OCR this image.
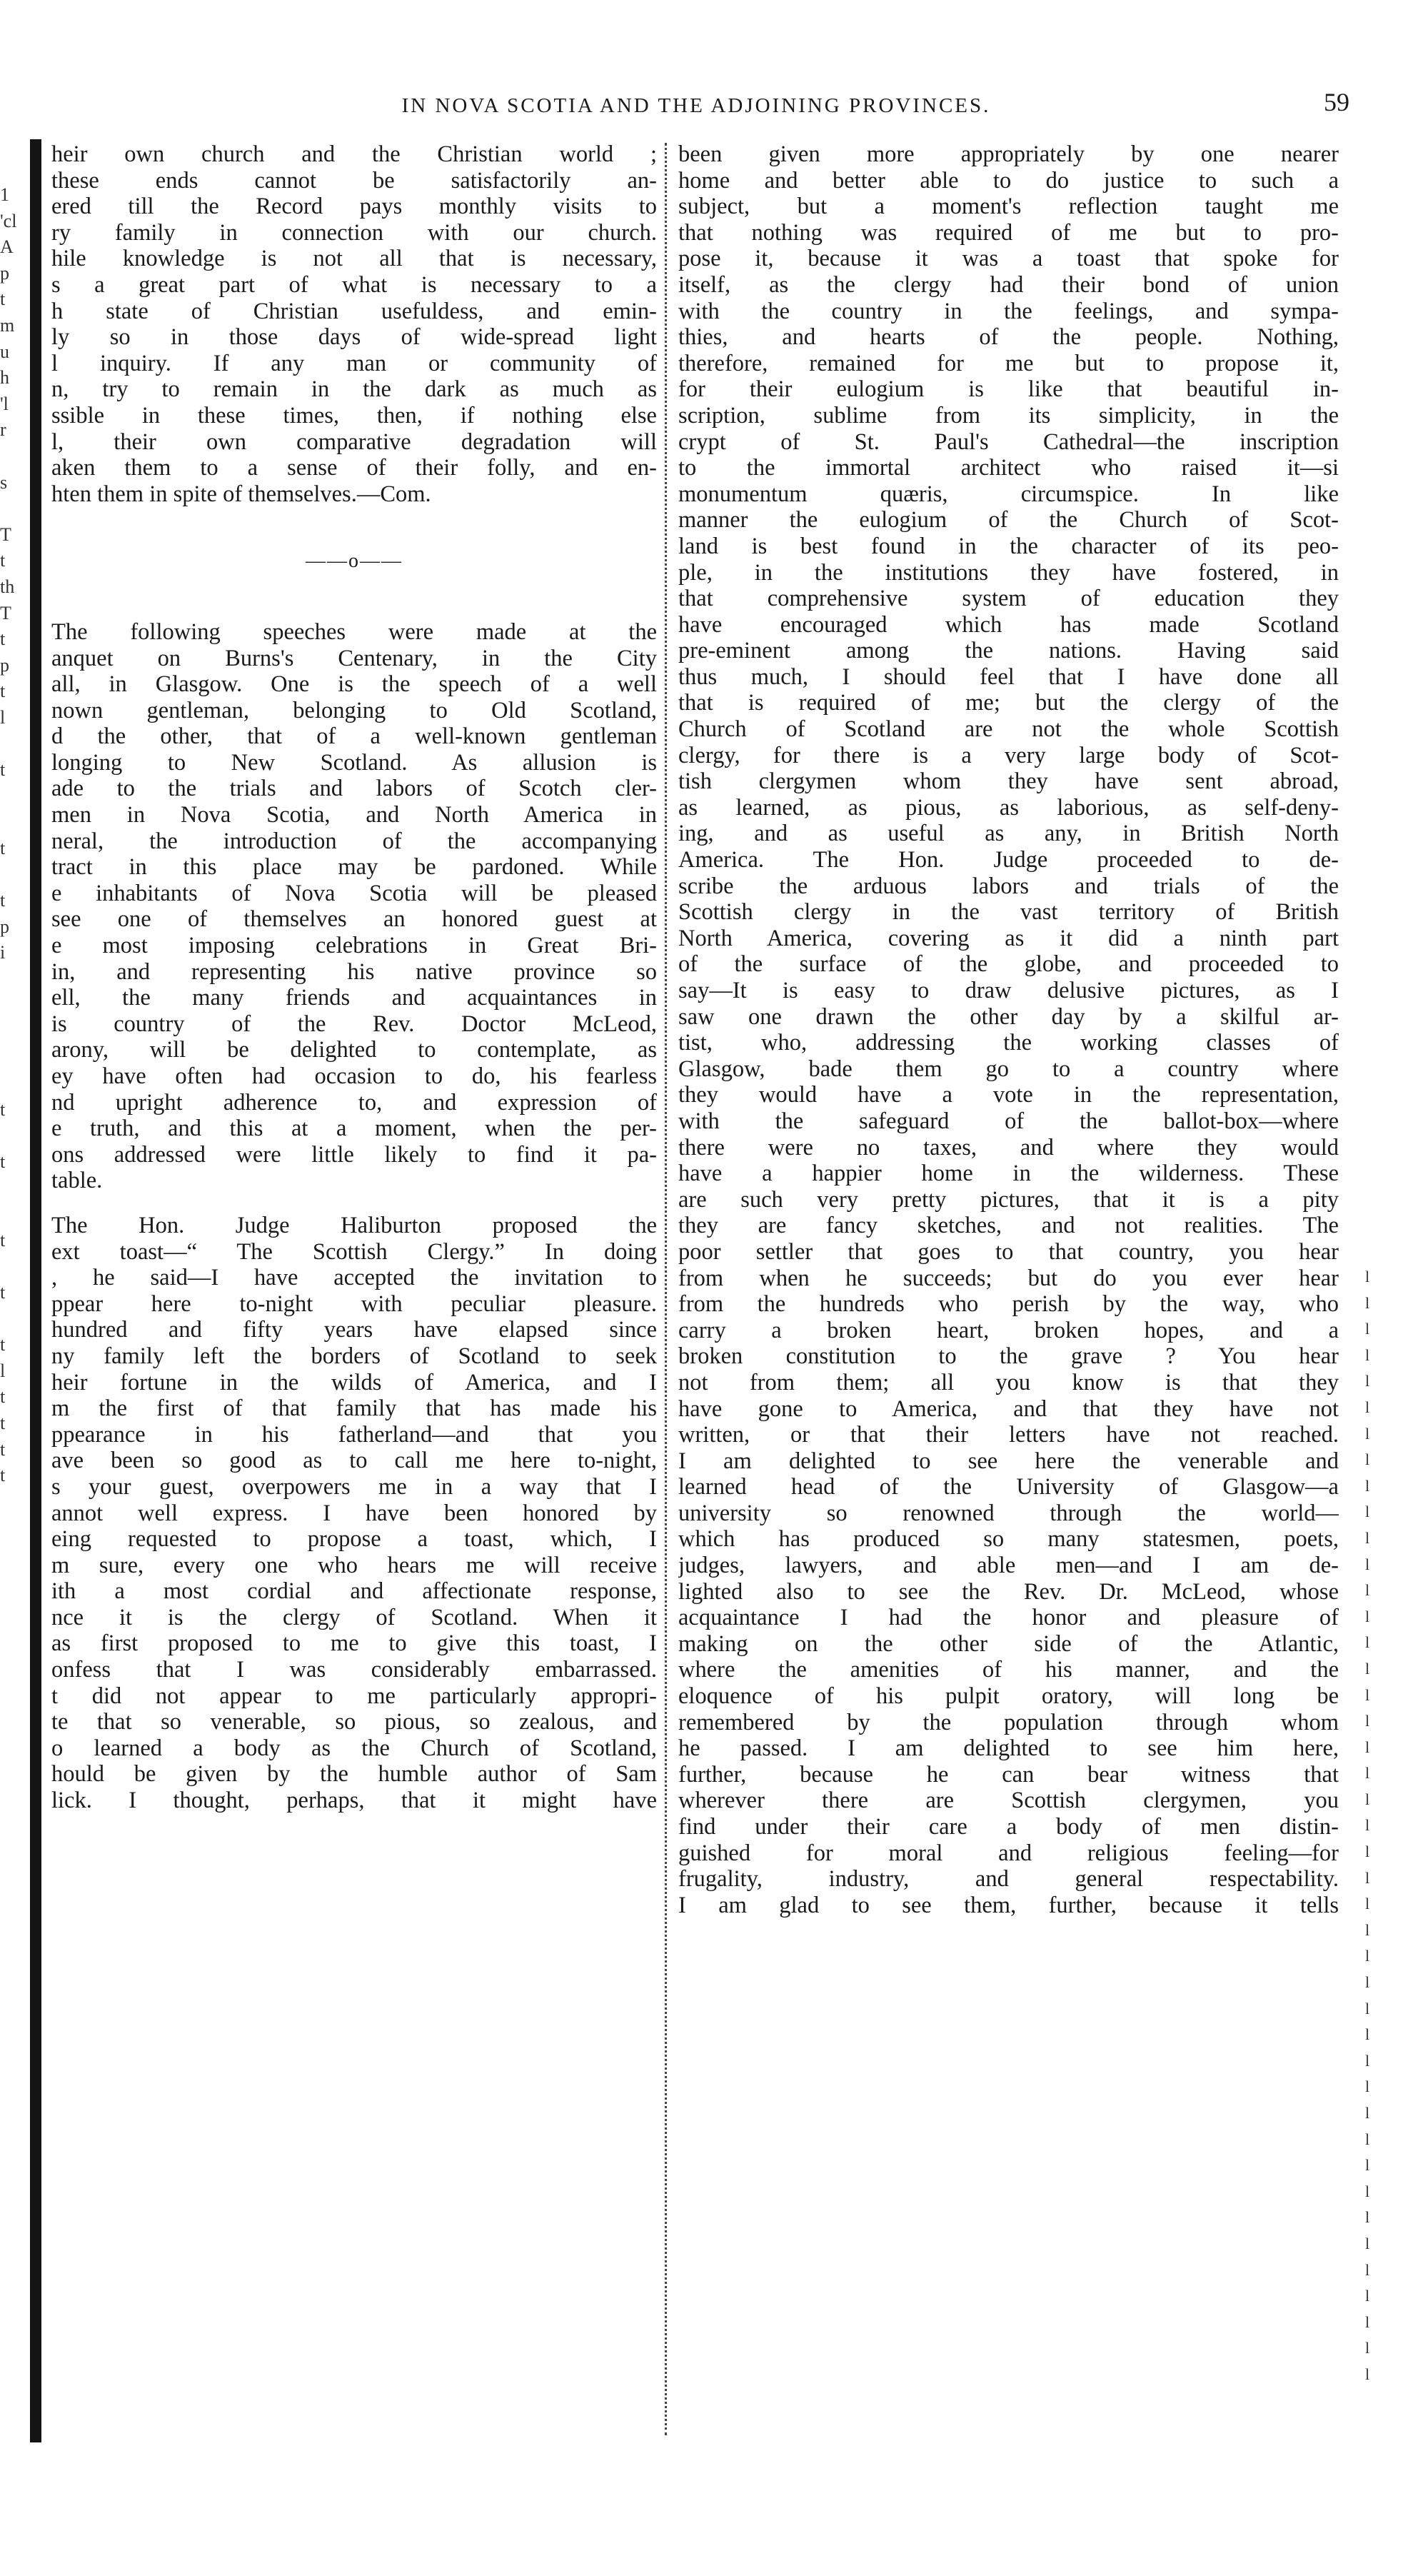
IN NOVA SCOTIA AND THE ADJOINING PROVINCES.	59
1
'cl
A
p
t
m
u
h
'l
r
s
T
t
th
T
t
p
t
l
t
t
t
p
i
t
t
t
t
t
l
t
t
t
t
heir own church and the Christian world ;
these ends cannot be satisfactorily an-
ered till the Record pays monthly visits to
ry family in connection with our church.
hile knowledge is not all that is necessary,
s a great part of what is necessary to a
h state of Christian usefuldess, and emin-
ly so in those days of wide-spread light
l inquiry. If any man or community of
n, try to remain in the dark as much as
ssible in these times, then, if nothing else
l, their own comparative degradation will
aken them to a sense of their folly, and en-
hten them in spite of themselves.—Com.
——o——
The following speeches were made at the
anquet on Burns's Centenary, in the City
all, in Glasgow. One is the speech of a well
nown gentleman, belonging to Old Scotland,
d the other, that of a well-known gentleman
longing to New Scotland. As allusion is
ade to the trials and labors of Scotch cler-
men in Nova Scotia, and North America in
neral, the introduction of the accompanying
tract in this place may be pardoned. While
e inhabitants of Nova Scotia will be pleased
see one of themselves an honored guest at
e most imposing celebrations in Great Bri-
in, and representing his native province so
ell, the many friends and acquaintances in
is country of the Rev. Doctor McLeod,
arony, will be delighted to contemplate, as
ey have often had occasion to do, his fearless
nd upright adherence to, and expression of
e truth, and this at a moment, when the per-
ons addressed were little likely to find it pa-
table.
The Hon. Judge Haliburton proposed the
ext toast—“ The Scottish Clergy.” In doing
, he said—I have accepted the invitation to
ppear here to-night with peculiar pleasure.
hundred and fifty years have elapsed since
ny family left the borders of Scotland to seek
heir fortune in the wilds of America, and I
m the first of that family that has made his
ppearance in his fatherland—and that you
ave been so good as to call me here to-night,
s your guest, overpowers me in a way that I
annot well express. I have been honored by
eing requested to propose a toast, which, I
m sure, every one who hears me will receive
ith a most cordial and affectionate response,
nce it is the clergy of Scotland. When it
as first proposed to me to give this toast, I
onfess that I was considerably embarrassed.
t did not appear to me particularly appropri-
te that so venerable, so pious, so zealous, and
o learned a body as the Church of Scotland,
hould be given by the humble author of Sam
lick. I thought, perhaps, that it might have
been given more appropriately by one nearer
home and better able to do justice to such a
subject, but a moment's reflection taught me
that nothing was required of me but to pro-
pose it, because it was a toast that spoke for
itself, as the clergy had their bond of union
with the country in the feelings, and sympa-
thies, and hearts of the people. Nothing,
therefore, remained for me but to propose it,
for their eulogium is like that beautiful in-
scription, sublime from its simplicity, in the
crypt of St. Paul's Cathedral—the inscription
to the immortal architect who raised it—si
monumentum quæris, circumspice. In like
manner the eulogium of the Church of Scot-
land is best found in the character of its peo-
ple, in the institutions they have fostered, in
that comprehensive system of education they
have encouraged which has made Scotland
pre-eminent among the nations. Having said
thus much, I should feel that I have done all
that is required of me; but the clergy of the
Church of Scotland are not the whole Scottish
clergy, for there is a very large body of Scot-
tish clergymen whom they have sent abroad,
as learned, as pious, as laborious, as self-deny-
ing, and as useful as any, in British North
America. The Hon. Judge proceeded to de-
scribe the arduous labors and trials of the
Scottish clergy in the vast territory of British
North America, covering as it did a ninth part
of the surface of the globe, and proceeded to
say—It is easy to draw delusive pictures, as I
saw one drawn the other day by a skilful ar-
tist, who, addressing the working classes of
Glasgow, bade them go to a country where
they would have a vote in the representation,
with the safeguard of the ballot-box—where
there were no taxes, and where they would
have a happier home in the wilderness. These
are such very pretty pictures, that it is a pity
they are fancy sketches, and not realities. The
poor settler that goes to that country, you hear
from when he succeeds; but do you ever hear
from the hundreds who perish by the way, who
carry a broken heart, broken hopes, and a
broken constitution to the grave ? You hear
not from them; all you know is that they
have gone to America, and that they have not
written, or that their letters have not reached.
I am delighted to see here the venerable and
learned head of the University of Glasgow—a
university so renowned through the world—
which has produced so many statesmen, poets,
judges, lawyers, and able men—and I am de-
lighted also to see the Rev. Dr. McLeod, whose
acquaintance I had the honor and pleasure of
making on the other side of the Atlantic,
where the amenities of his manner, and the
eloquence of his pulpit oratory, will long be
remembered by the population through whom
he passed. I am delighted to see him here,
further, because he can bear witness that
wherever there are Scottish clergymen, you
find under their care a body of men distin-
guished for moral and religious feeling—for
frugality, industry, and general respectability.
I am glad to see them, further, because it tells
l
l
l
l
l
l
l
l
l
l
l
l
l
l
l
l
l
l
l
l
l
l
l
l
l
l
l
l
l
l
l
l
l
l
l
l
l
l
l
l
l
l
l
